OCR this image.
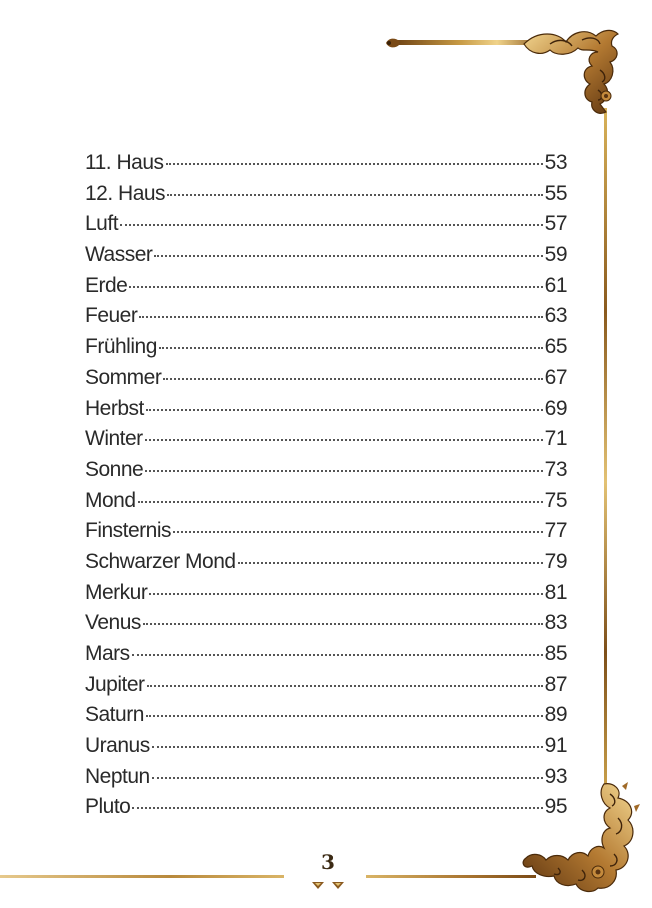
3
11. Haus	53
12. Haus	55
Luft	57
Wasser	59
Erde	61
Feuer	63
Frühling	65
Sommer	67
Herbst	69
Winter	71
Sonne	73
Mond	75
Finsternis	77
Schwarzer Mond	79
Merkur	81
Venus	83
Mars	85
Jupiter	87
Saturn	89
Uranus	91
Neptun	93
Pluto	95
